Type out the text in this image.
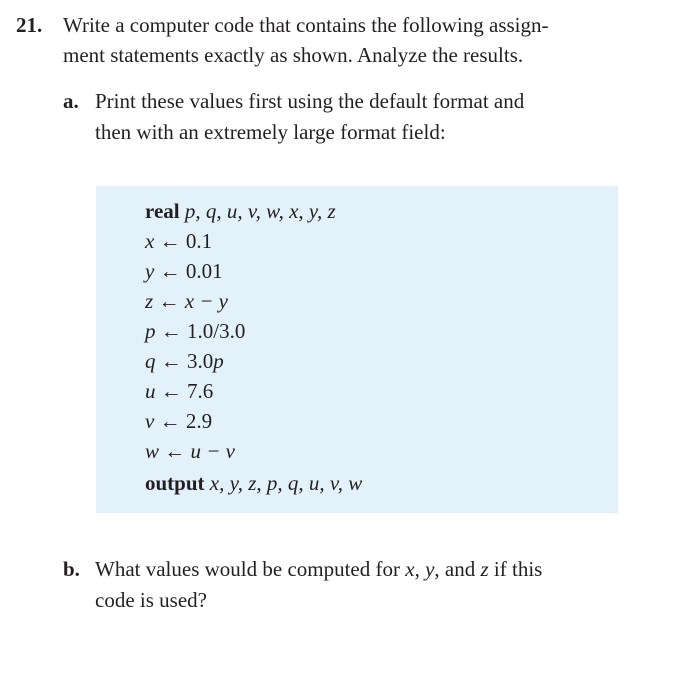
21. Write a computer code that contains the following assign-
ment statements exactly as shown. Analyze the results.
a. Print these values first using the default format and
then with an extremely large format field:
real p, q, u, v, w, x, y, z
x ← 0.1
y ← 0.01
z ← x − y
p ← 1.0/3.0
q ← 3.0p
u ← 7.6
v ← 2.9
w ← u − v
output x, y, z, p, q, u, v, w
b. What values would be computed for x, y, and z if this
code is used?
